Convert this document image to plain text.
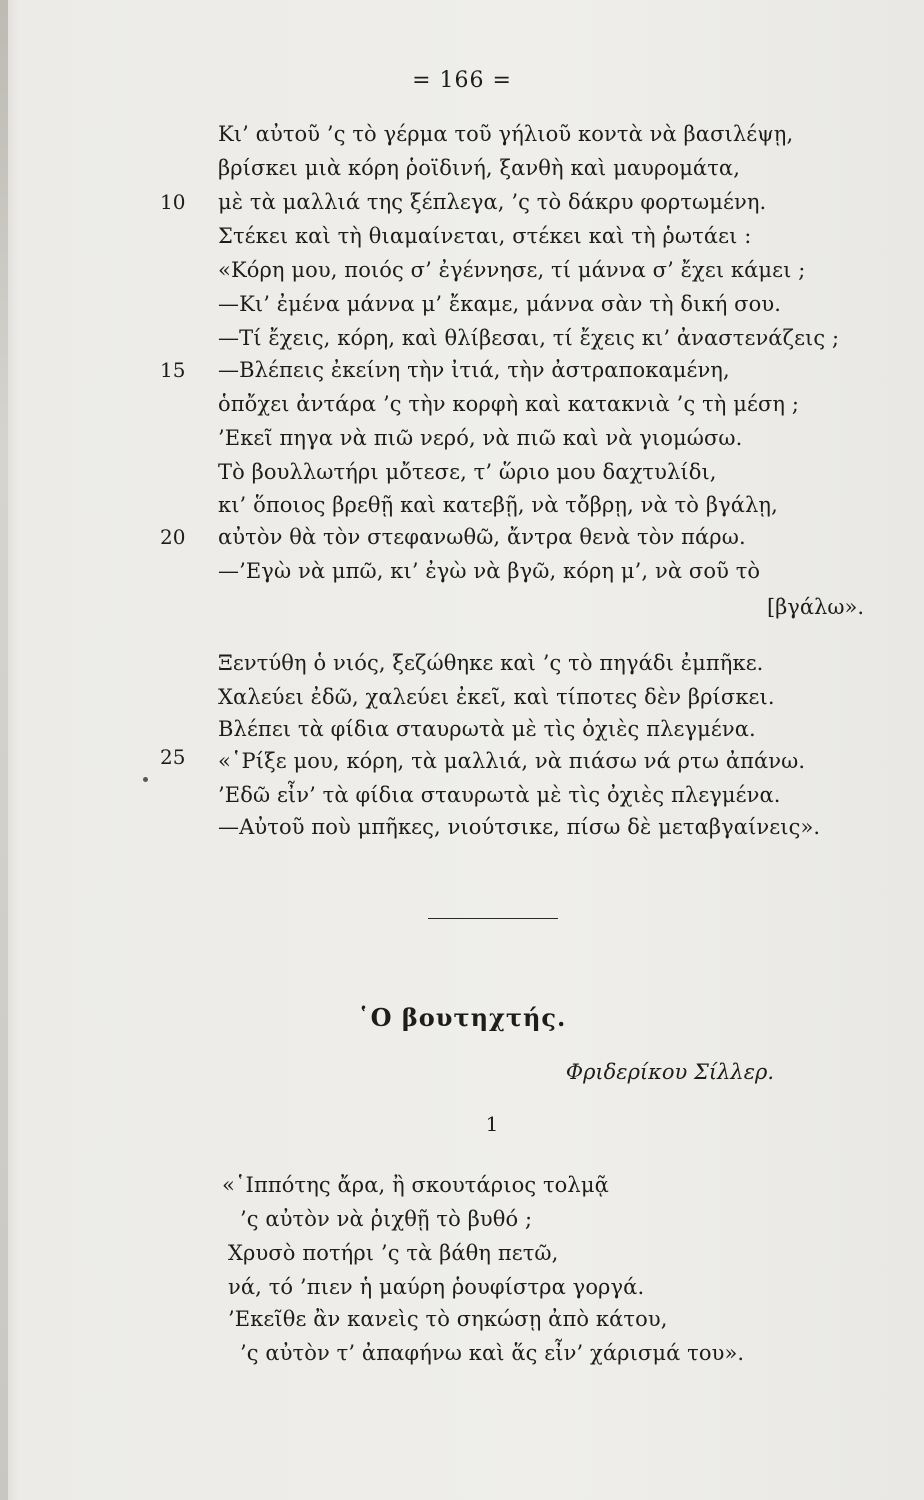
= 166 =
Κι’ αὐτοῦ ’ς τὸ γέρμα τοῦ γήλιοῦ κοντὰ νὰ βασιλέψῃ,
βρίσκει μιὰ κόρη ῥοϊδινή, ξανθὴ καὶ μαυρομάτα,
10 μὲ τὰ μαλλιά της ξέπλεγα, ’ς τὸ δάκρυ φορτωμένη.
Στέκει καὶ τὴ θιαμαίνεται, στέκει καὶ τὴ ῥωτάει :
«Κόρη μου, ποιός σ’ ἐγέννησε, τί μάννα σ’ ἔχει κάμει ;
—Κι’ ἐμένα μάννα μ’ ἔκαμε, μάννα σὰν τὴ δική σου.
—Τί ἔχεις, κόρη, καὶ θλίβεσαι, τί ἔχεις κι’ ἀναστενάζεις ;
15 —Βλέπεις ἐκείνη τὴν ἰτιά, τὴν ἀστραποκαμένη,
ὁπὄχει ἀντάρα ’ς τὴν κορφὴ καὶ κατακνιὰ ’ς τὴ μέση ;
’Εκεῖ πηγα νὰ πιῶ νερό, νὰ πιῶ καὶ νὰ γιομώσω.
Τὸ βουλλωτήρι μὄτεσε, τ’ ὥριο μου δαχτυλίδι,
κι’ ὅποιος βρεθῇ καὶ κατεβῇ, νὰ τὄβρῃ, νὰ τὸ βγάλῃ,
20 αὐτὸν θὰ τὸν στεφανωθῶ, ἄντρα θενὰ τὸν πάρω.
—’Εγὼ νὰ μπῶ, κι’ ἐγὼ νὰ βγῶ, κόρη μ’, νὰ σοῦ τὸ
[βγάλω».
Ξεντύθη ὁ νιός, ξεζώθηκε καὶ ’ς τὸ πηγάδι ἐμπῆκε.
Χαλεύει ἐδῶ, χαλεύει ἐκεῖ, καὶ τίποτες δὲν βρίσκει.
Βλέπει τὰ φίδια σταυρωτὰ μὲ τὶς ὀχιὲς πλεγμένα.
25 «῾Ρίξε μου, κόρη, τὰ μαλλιά, νὰ πιάσω νά ρτω ἀπάνω.
’Εδῶ εἶν’ τὰ φίδια σταυρωτὰ μὲ τὶς ὀχιὲς πλεγμένα.
—Αὐτοῦ ποὺ μπῆκες, νιούτσικε, πίσω δὲ μεταβγαίνεις».
῾Ο βουτηχτής.
Φριδερίκου Σίλλερ.
1
«῾Ιππότης ἄρα, ἢ σκουτάριος τολμᾷ
’ς αὐτὸν νὰ ῥιχθῇ τὸ βυθό ;
Χρυσὸ ποτήρι ’ς τὰ βάθη πετῶ,
νά, τό ’πιεν ἡ μαύρη ῥουφίστρα γοργά.
’Εκεῖθε ἂν κανεὶς τὸ σηκώσῃ ἀπὸ κάτου,
’ς αὐτὸν τ’ ἀπαφήνω καὶ ἅς εἶν’ χάρισμά του».
